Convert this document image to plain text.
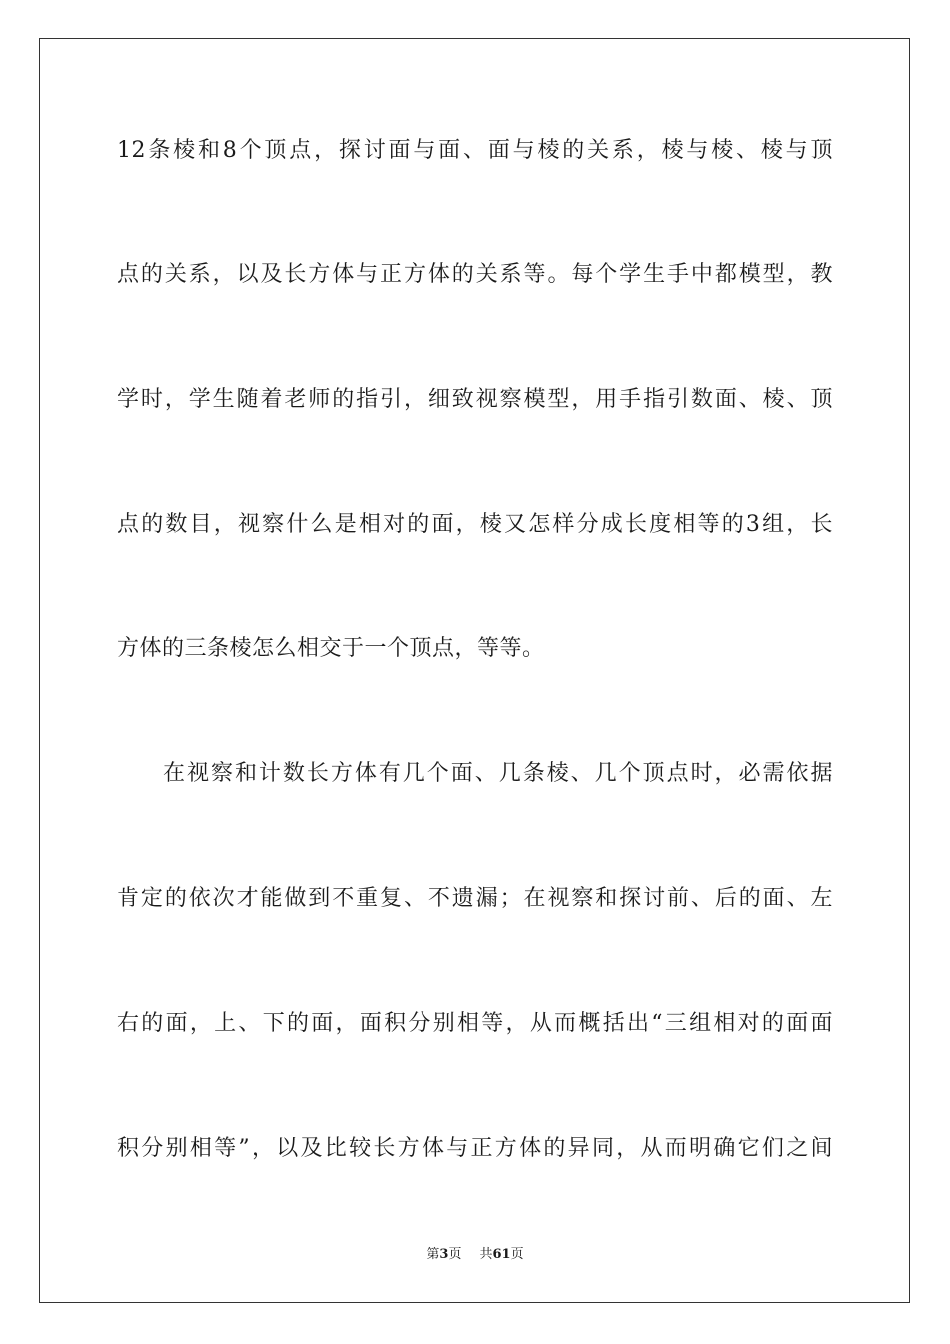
12条棱和8个顶点，探讨面与面、面与棱的关系，棱与棱、棱与顶
点的关系，以及长方体与正方体的关系等。每个学生手中都模型，教
学时，学生随着老师的指引，细致视察模型，用手指引数面、棱、顶
点的数目，视察什么是相对的面，棱又怎样分成长度相等的3组，长
方体的三条棱怎么相交于一个顶点，等等。
在视察和计数长方体有几个面、几条棱、几个顶点时，必需依据
肯定的依次才能做到不重复、不遗漏；在视察和探讨前、后的面、左
右的面，上、下的面，面积分别相等，从而概括出“三组相对的面面
积分别相等”，以及比较长方体与正方体的异同，从而明确它们之间
第3页 共61页
